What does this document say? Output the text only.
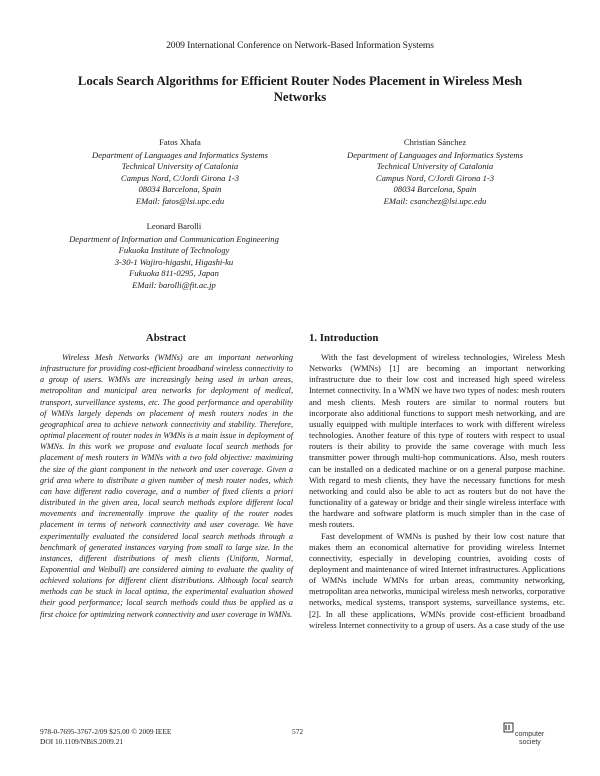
2009 International Conference on Network-Based Information Systems
Locals Search Algorithms for Efficient Router Nodes Placement in Wireless Mesh Networks
Fatos Xhafa
Department of Languages and Informatics Systems
Technical University of Catalonia
Campus Nord, C/Jordi Girona 1-3
08034 Barcelona, Spain
EMail: fatos@lsi.upc.edu
Christian Sánchez
Department of Languages and Informatics Systems
Technical University of Catalonia
Campus Nord, C/Jordi Girona 1-3
08034 Barcelona, Spain
EMail: csanchez@lsi.upc.edu
Leonard Barolli
Department of Information and Communication Engineering
Fukuoka Institute of Technology
3-30-1 Wajiro-higashi, Higashi-ku
Fukuoka 811-0295, Japan
EMail: barolli@fit.ac.jp
Abstract

Wireless Mesh Networks (WMNs) are an important networking infrastructure for providing cost-efficient broadband wireless connectivity to a group of users. WMNs are increasingly being used in urban areas, metropolitan and municipal area networks for deployment of medical, transport, surveillance systems, etc. The good performance and operability of WMNs largely depends on placement of mesh routers nodes in the geographical area to achieve network connectivity and stability. Therefore, optimal placement of router nodes in WMNs is a main issue in deployment of WMNs. In this work we propose and evaluate local search methods for placement of mesh routers in WMNs with a two fold objective: maximizing the size of the giant component in the network and user coverage. Given a grid area where to distribute a given number of mesh router nodes, which can have different radio coverage, and a number of fixed clients a priori distributed in the given area, local search methods explore different local movements and incrementally improve the quality of the router nodes placement in terms of network connectivity and user coverage. We have experimentally evaluated the considered local search methods through a benchmark of generated instances varying from small to large size. In the instances, different distributions of mesh clients (Uniform, Normal, Exponential and Weibull) are considered aiming to evaluate the quality of achieved solutions for different client distributions. Although local search methods can be stuck in local optima, the experimental evaluation showed their good performance; local search methods could thus be applied as a first choice for optimizing network connectivity and user coverage in WMNs.

1. Introduction

With the fast development of wireless technologies, Wireless Mesh Networks (WMNs) [1] are becoming an important networking infrastructure due to their low cost and increased high speed wireless Internet connectivity. In a WMN we have two types of nodes: mesh routers and mesh clients. Mesh routers are similar to normal routers but incorporate also additional functions to support mesh networking, and are usually equipped with multiple interfaces to work with different wireless technologies. Another feature of this type of routers with respect to usual routers is their ability to provide the same coverage with much less transmitter power through multi-hop communications. Also, mesh routers can be installed on a dedicated machine or on a general purpose machine. With regard to mesh clients, they have the necessary functions for mesh networking and could also be able to act as routers but do not have the functionality of a gateway or bridge and their single wireless interface with the hardware and software platform is much simpler than in the case of mesh routers.

Fast development of WMNs is pushed by their low cost nature that makes them an economical alternative for providing wireless Internet connectivity, especially in developing countries, avoiding costs of deployment and maintenance of wired Internet infrastructures. Applications of WMNs include WMNs for urban areas, community networking, metropolitan area networks, municipal wireless mesh networks, corporative networks, medical systems, transport systems, surveillance systems, etc. [2]. In all these applications, WMNs provide cost-efficient broadband wireless Internet connectivity to a group of users. As a case study of the use

978-0-7695-3767-2/09 $25.00 © 2009 IEEE
DOI 10.1109/NBiS.2009.21
572	computer
society
